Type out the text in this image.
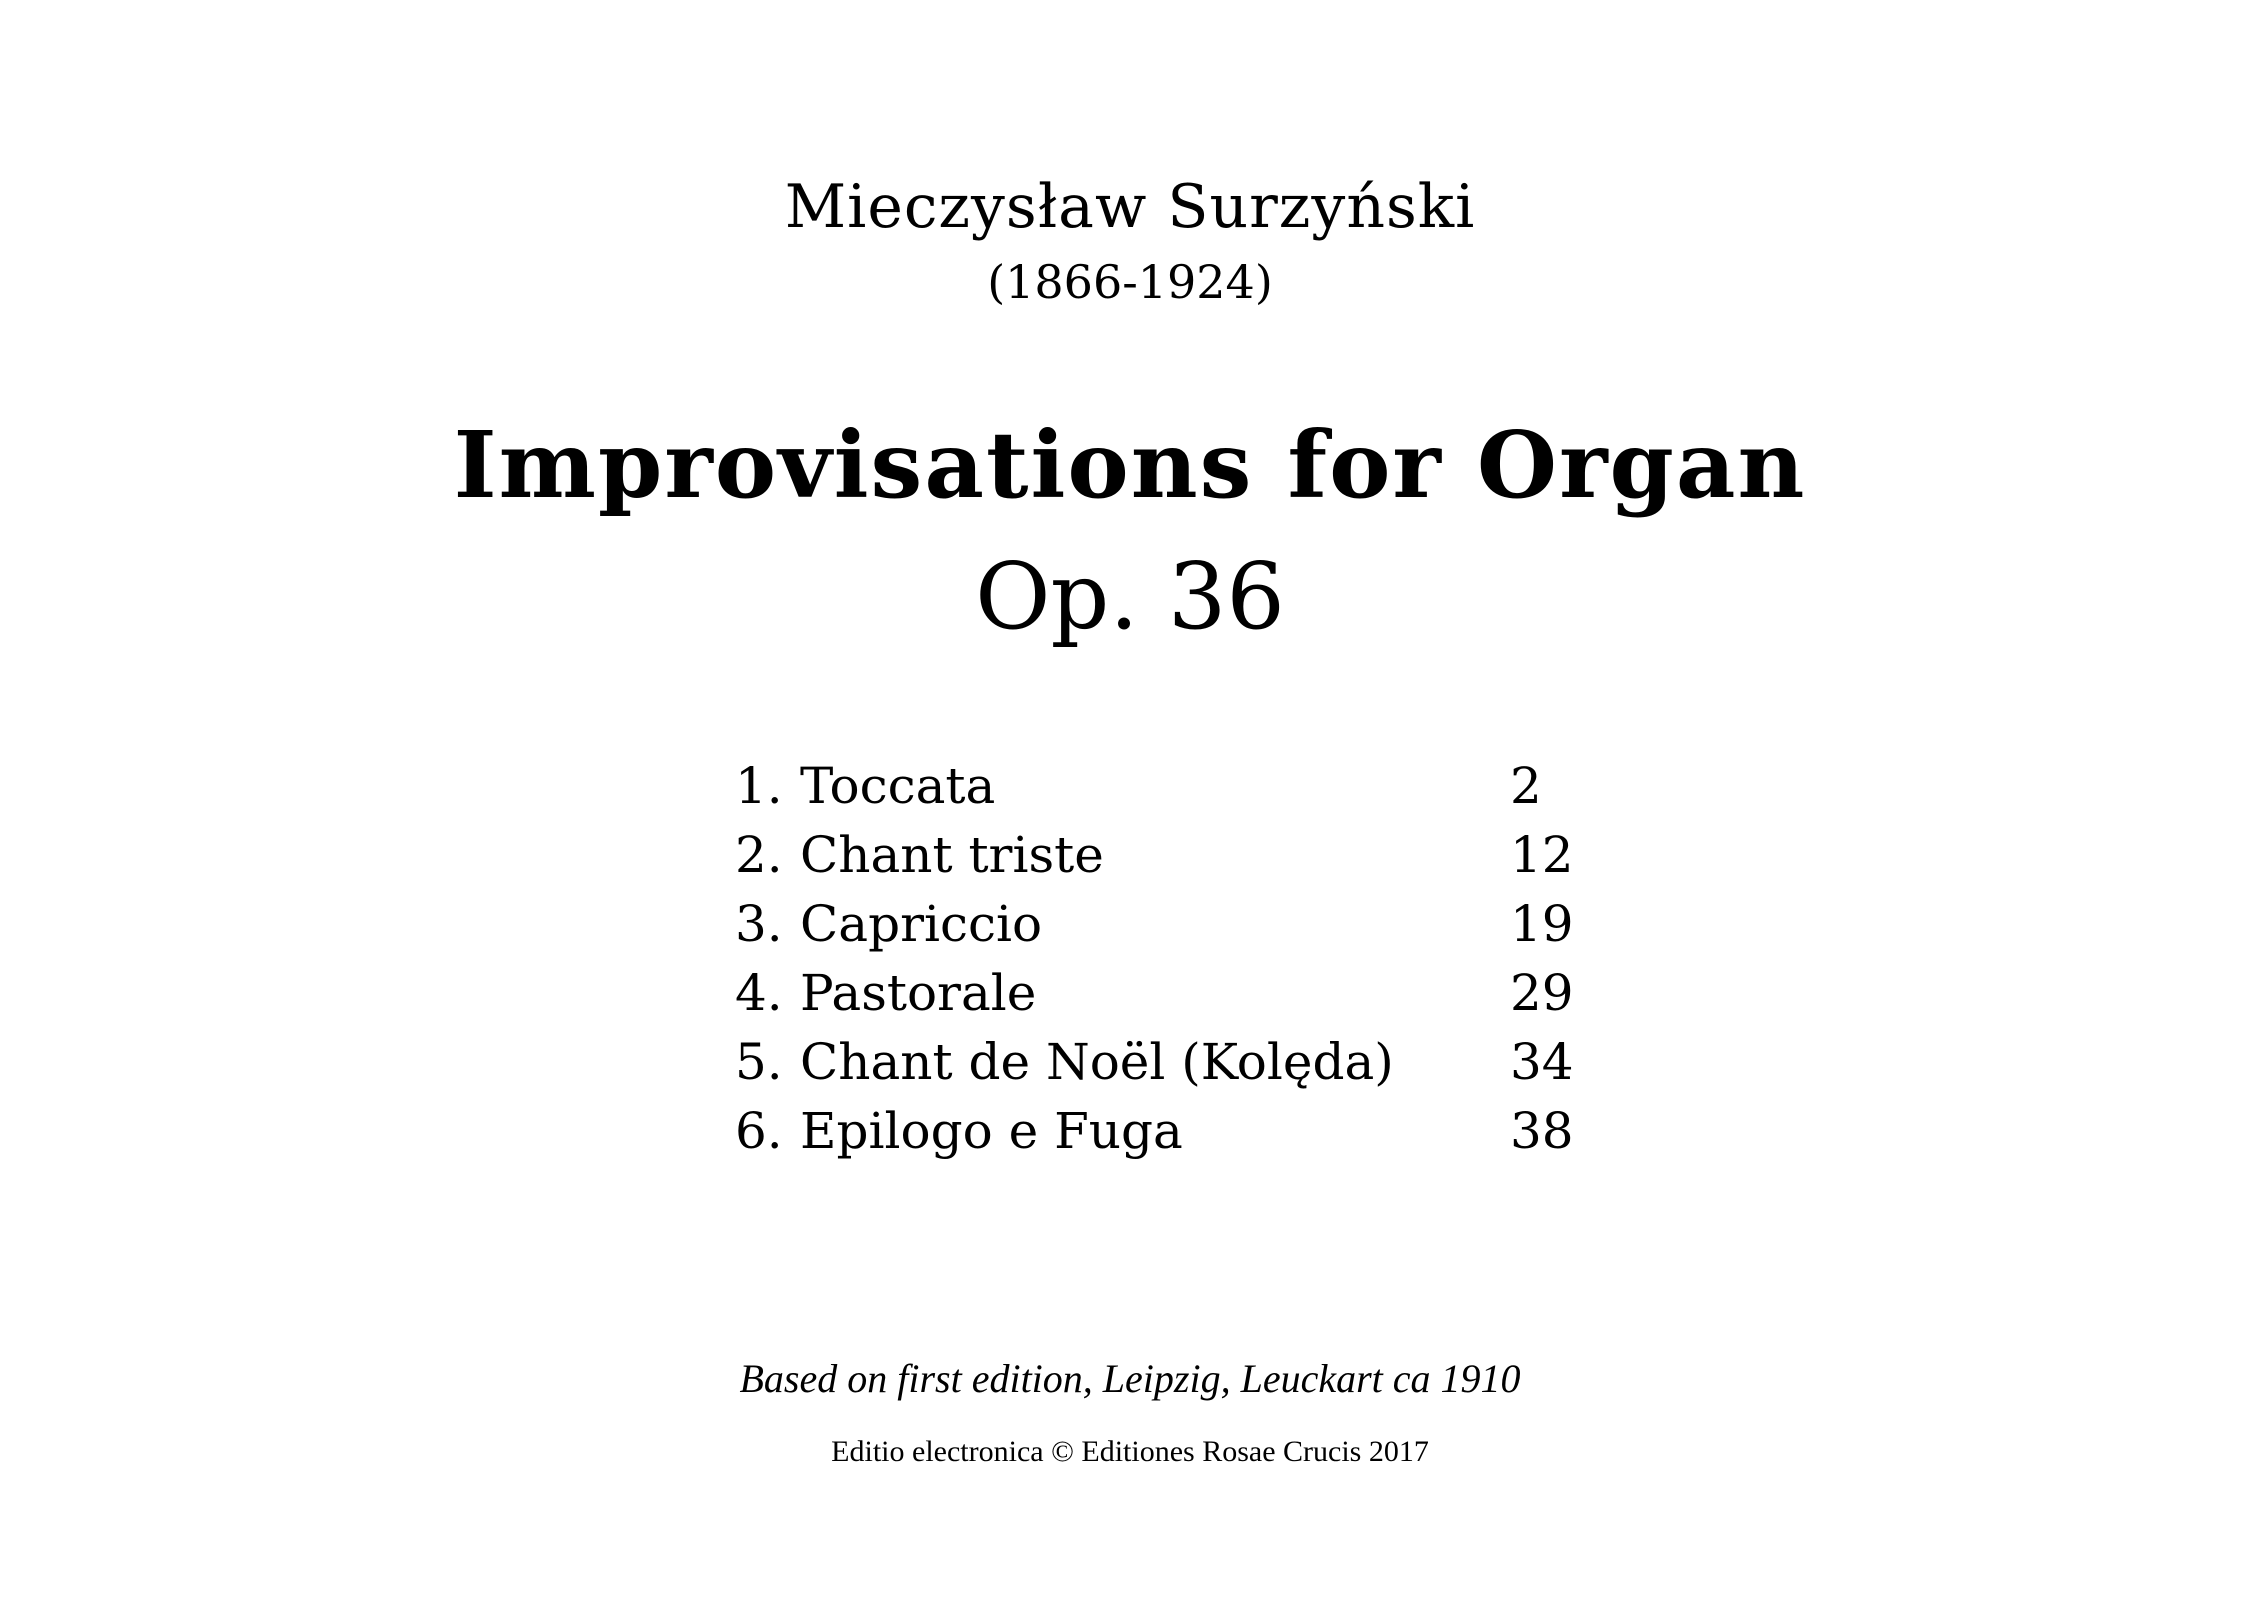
Mieczysław Surzyński
(1866-1924)
Improvisations for Organ
Op. 36
1. Toccata	2
2. Chant triste	12
3. Capriccio	19
4. Pastorale	29
5. Chant de Noël (Kolęda) 34
6. Epilogo e Fuga	38
Based on first edition, Leipzig, Leuckart ca 1910
Editio electronica © Editiones Rosae Crucis 2017
